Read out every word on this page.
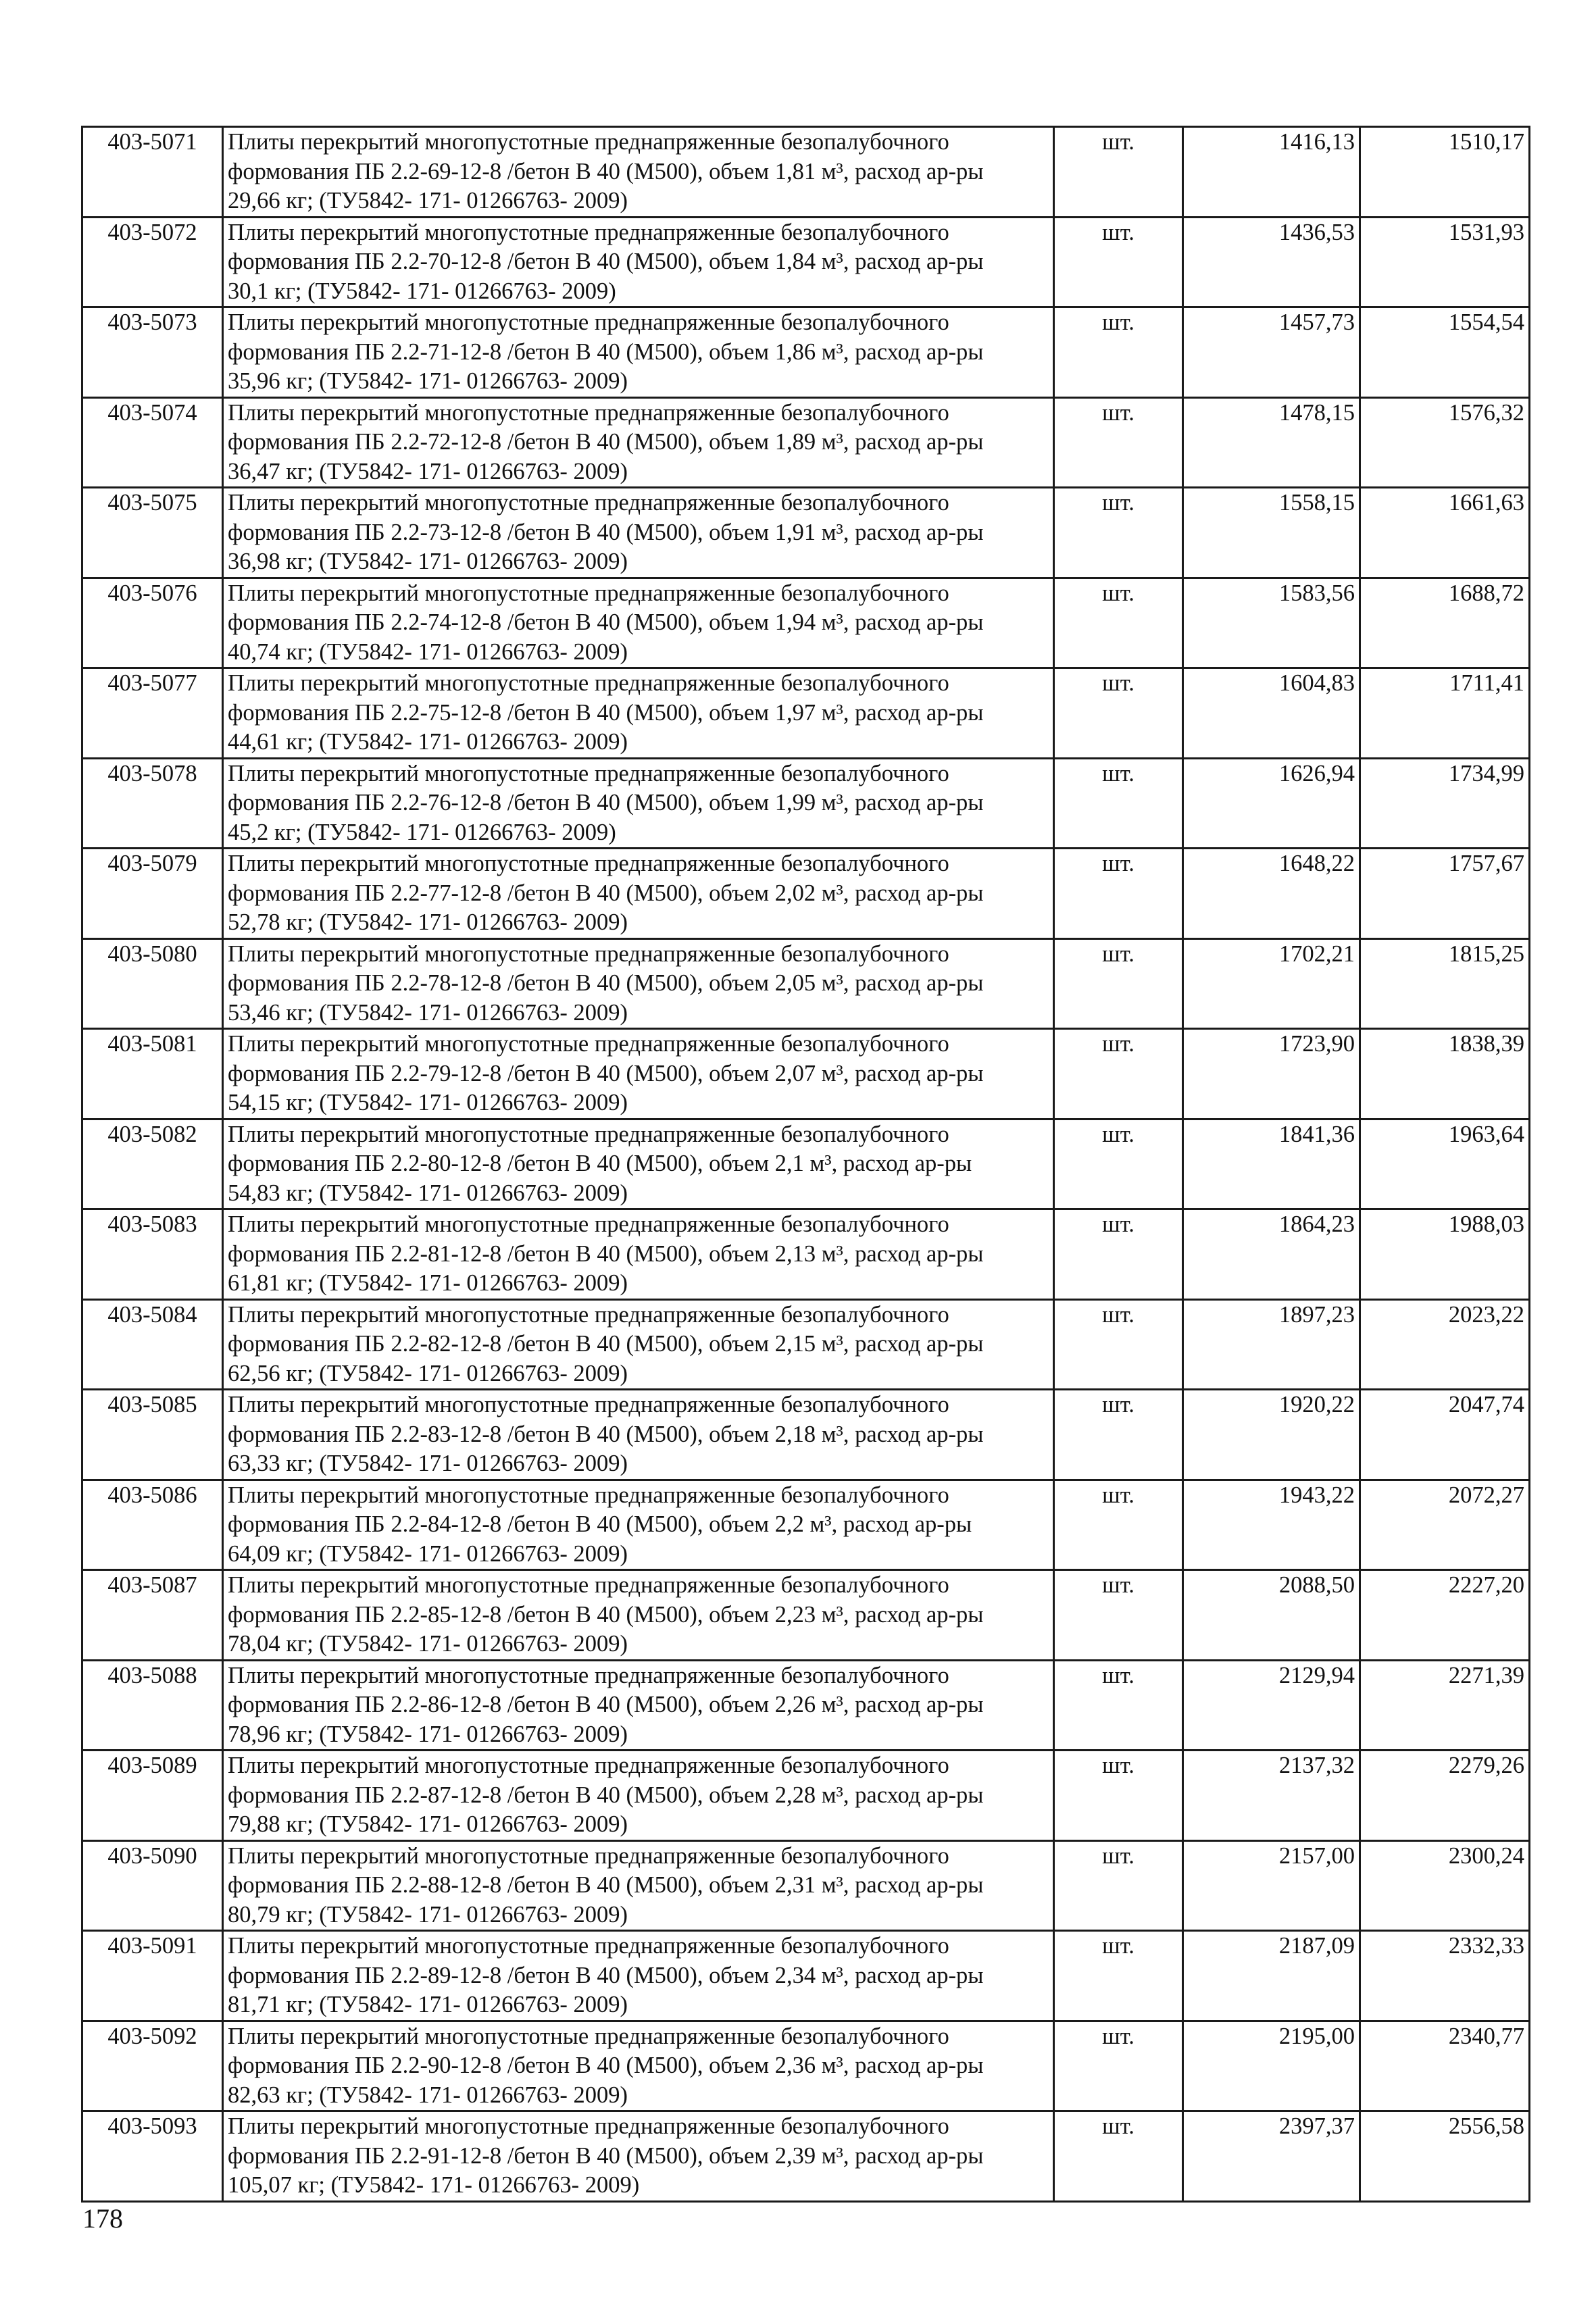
403-5071	Плиты перекрытий многопустотные преднапряженные безопалубочного
формования ПБ 2.2-69-12-8 /бетон В 40 (М500), объем 1,81 м³, расход ар-ры
29,66 кг; (ТУ5842- 171- 01266763- 2009)	шт.	1416,13	1510,17
403-5072	Плиты перекрытий многопустотные преднапряженные безопалубочного
формования ПБ 2.2-70-12-8 /бетон В 40 (М500), объем 1,84 м³, расход ар-ры
30,1 кг; (ТУ5842- 171- 01266763- 2009)	шт.	1436,53	1531,93
403-5073	Плиты перекрытий многопустотные преднапряженные безопалубочного
формования ПБ 2.2-71-12-8 /бетон В 40 (М500), объем 1,86 м³, расход ар-ры
35,96 кг; (ТУ5842- 171- 01266763- 2009)	шт.	1457,73	1554,54
403-5074	Плиты перекрытий многопустотные преднапряженные безопалубочного
формования ПБ 2.2-72-12-8 /бетон В 40 (М500), объем 1,89 м³, расход ар-ры
36,47 кг; (ТУ5842- 171- 01266763- 2009)	шт.	1478,15	1576,32
403-5075	Плиты перекрытий многопустотные преднапряженные безопалубочного
формования ПБ 2.2-73-12-8 /бетон В 40 (М500), объем 1,91 м³, расход ар-ры
36,98 кг; (ТУ5842- 171- 01266763- 2009)	шт.	1558,15	1661,63
403-5076	Плиты перекрытий многопустотные преднапряженные безопалубочного
формования ПБ 2.2-74-12-8 /бетон В 40 (М500), объем 1,94 м³, расход ар-ры
40,74 кг; (ТУ5842- 171- 01266763- 2009)	шт.	1583,56	1688,72
403-5077	Плиты перекрытий многопустотные преднапряженные безопалубочного
формования ПБ 2.2-75-12-8 /бетон В 40 (М500), объем 1,97 м³, расход ар-ры
44,61 кг; (ТУ5842- 171- 01266763- 2009)	шт.	1604,83	1711,41
403-5078	Плиты перекрытий многопустотные преднапряженные безопалубочного
формования ПБ 2.2-76-12-8 /бетон В 40 (М500), объем 1,99 м³, расход ар-ры
45,2 кг; (ТУ5842- 171- 01266763- 2009)	шт.	1626,94	1734,99
403-5079	Плиты перекрытий многопустотные преднапряженные безопалубочного
формования ПБ 2.2-77-12-8 /бетон В 40 (М500), объем 2,02 м³, расход ар-ры
52,78 кг; (ТУ5842- 171- 01266763- 2009)	шт.	1648,22	1757,67
403-5080	Плиты перекрытий многопустотные преднапряженные безопалубочного
формования ПБ 2.2-78-12-8 /бетон В 40 (М500), объем 2,05 м³, расход ар-ры
53,46 кг; (ТУ5842- 171- 01266763- 2009)	шт.	1702,21	1815,25
403-5081	Плиты перекрытий многопустотные преднапряженные безопалубочного
формования ПБ 2.2-79-12-8 /бетон В 40 (М500), объем 2,07 м³, расход ар-ры
54,15 кг; (ТУ5842- 171- 01266763- 2009)	шт.	1723,90	1838,39
403-5082	Плиты перекрытий многопустотные преднапряженные безопалубочного
формования ПБ 2.2-80-12-8 /бетон В 40 (М500), объем 2,1 м³, расход ар-ры
54,83 кг; (ТУ5842- 171- 01266763- 2009)	шт.	1841,36	1963,64
403-5083	Плиты перекрытий многопустотные преднапряженные безопалубочного
формования ПБ 2.2-81-12-8 /бетон В 40 (М500), объем 2,13 м³, расход ар-ры
61,81 кг; (ТУ5842- 171- 01266763- 2009)	шт.	1864,23	1988,03
403-5084	Плиты перекрытий многопустотные преднапряженные безопалубочного
формования ПБ 2.2-82-12-8 /бетон В 40 (М500), объем 2,15 м³, расход ар-ры
62,56 кг; (ТУ5842- 171- 01266763- 2009)	шт.	1897,23	2023,22
403-5085	Плиты перекрытий многопустотные преднапряженные безопалубочного
формования ПБ 2.2-83-12-8 /бетон В 40 (М500), объем 2,18 м³, расход ар-ры
63,33 кг; (ТУ5842- 171- 01266763- 2009)	шт.	1920,22	2047,74
403-5086	Плиты перекрытий многопустотные преднапряженные безопалубочного
формования ПБ 2.2-84-12-8 /бетон В 40 (М500), объем 2,2 м³, расход ар-ры
64,09 кг; (ТУ5842- 171- 01266763- 2009)	шт.	1943,22	2072,27
403-5087	Плиты перекрытий многопустотные преднапряженные безопалубочного
формования ПБ 2.2-85-12-8 /бетон В 40 (М500), объем 2,23 м³, расход ар-ры
78,04 кг; (ТУ5842- 171- 01266763- 2009)	шт.	2088,50	2227,20
403-5088	Плиты перекрытий многопустотные преднапряженные безопалубочного
формования ПБ 2.2-86-12-8 /бетон В 40 (М500), объем 2,26 м³, расход ар-ры
78,96 кг; (ТУ5842- 171- 01266763- 2009)	шт.	2129,94	2271,39
403-5089	Плиты перекрытий многопустотные преднапряженные безопалубочного
формования ПБ 2.2-87-12-8 /бетон В 40 (М500), объем 2,28 м³, расход ар-ры
79,88 кг; (ТУ5842- 171- 01266763- 2009)	шт.	2137,32	2279,26
403-5090	Плиты перекрытий многопустотные преднапряженные безопалубочного
формования ПБ 2.2-88-12-8 /бетон В 40 (М500), объем 2,31 м³, расход ар-ры
80,79 кг; (ТУ5842- 171- 01266763- 2009)	шт.	2157,00	2300,24
403-5091	Плиты перекрытий многопустотные преднапряженные безопалубочного
формования ПБ 2.2-89-12-8 /бетон В 40 (М500), объем 2,34 м³, расход ар-ры
81,71 кг; (ТУ5842- 171- 01266763- 2009)	шт.	2187,09	2332,33
403-5092	Плиты перекрытий многопустотные преднапряженные безопалубочного
формования ПБ 2.2-90-12-8 /бетон В 40 (М500), объем 2,36 м³, расход ар-ры
82,63 кг; (ТУ5842- 171- 01266763- 2009)	шт.	2195,00	2340,77
403-5093	Плиты перекрытий многопустотные преднапряженные безопалубочного
формования ПБ 2.2-91-12-8 /бетон В 40 (М500), объем 2,39 м³, расход ар-ры
105,07 кг; (ТУ5842- 171- 01266763- 2009)	шт.	2397,37	2556,58
178
